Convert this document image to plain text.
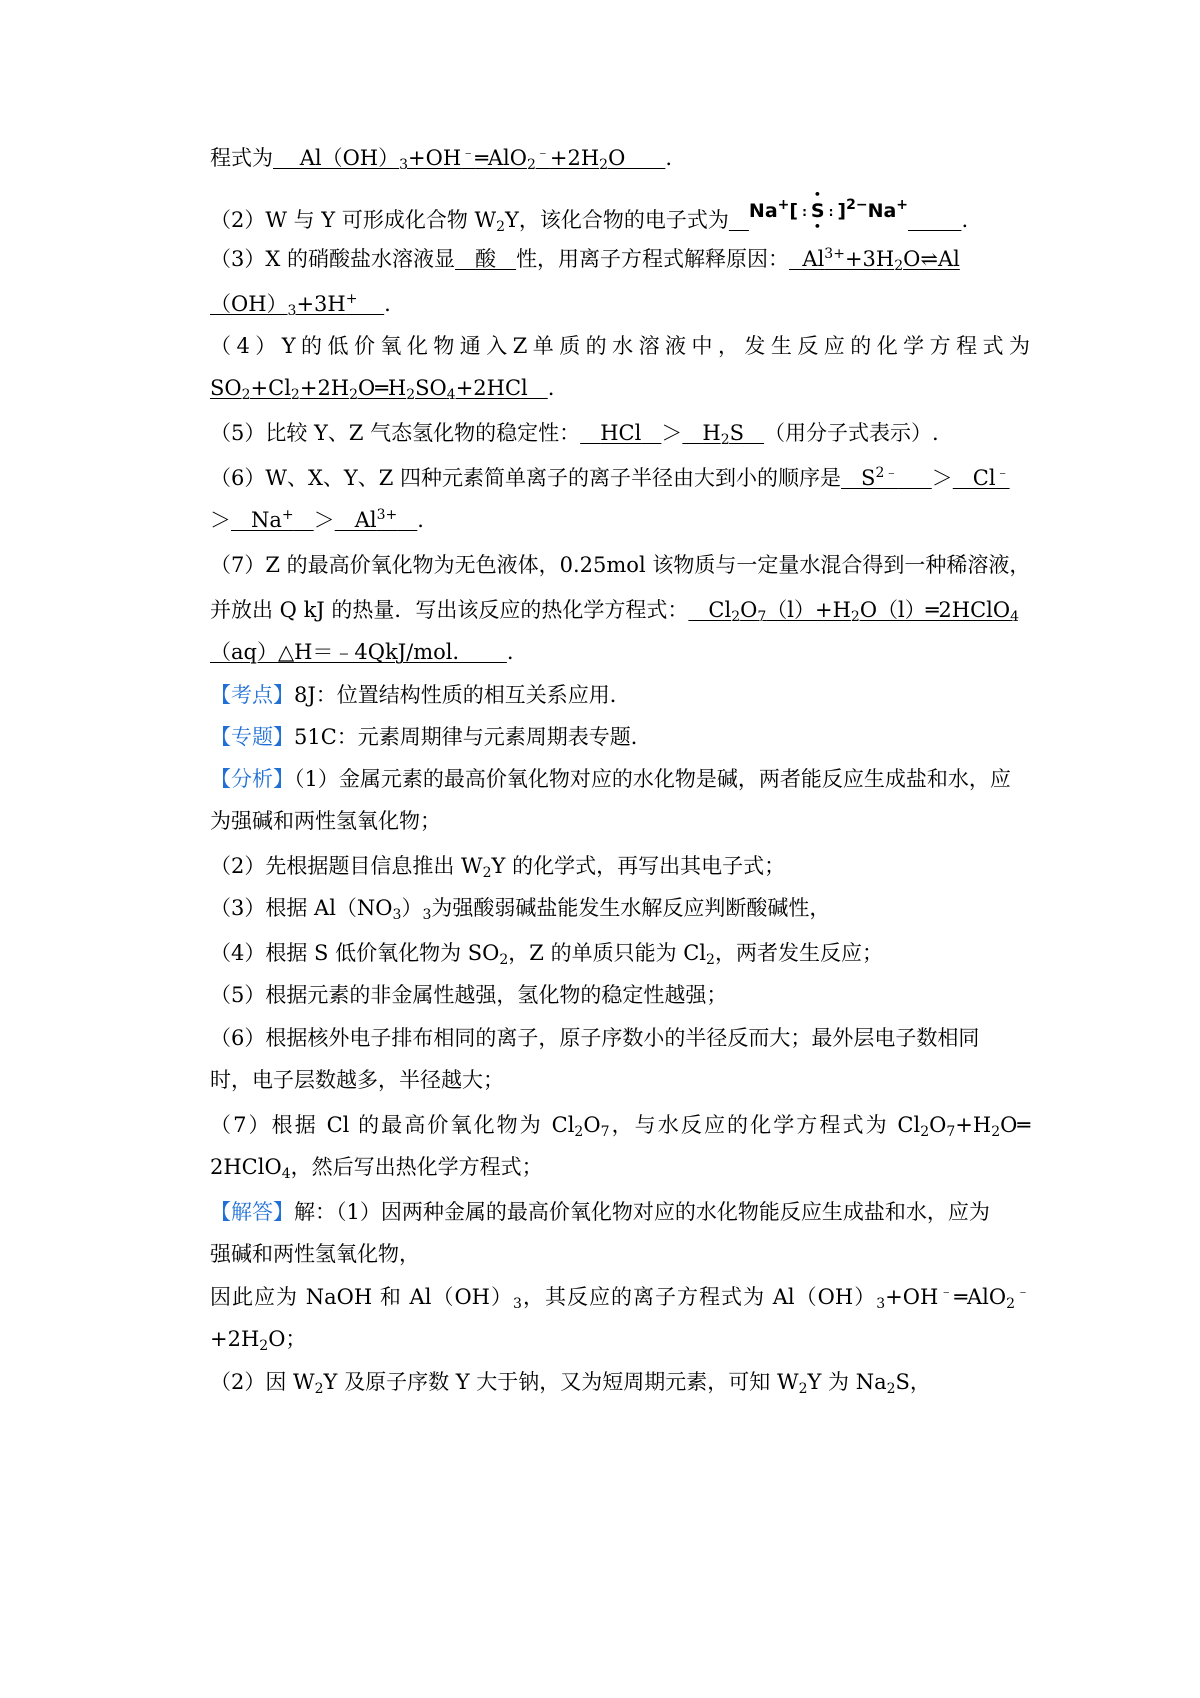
程式为    $Al(OH)_3+OH^﹣═AlO_2^﹣+2H_2O$      .
（2）W 与 Y 可形成化合物 $W_2Y$，该化合物的电子式为 Na+[ :• S • : ]$^{2-}$Na+        .
（3）X 的硝酸盐水溶液显 酸 性，用离子方程式解释原因：  $Al^{3+}+3H_2O\rightleftharpoons Al$
$(OH)_3+3H^+$ .
（4）Y的低价氧化物通入Z单质的水溶液中，发生反应的化学方程式为
$SO_2+Cl_2+2H_2O═H_2SO_4+2HCl$   .
（5）比较 Y、Z 气态氢化物的稳定性： HCl ＞ $H_2S$ （用分子式表示）.
（6）W、X、Y、Z 四种元素简单离子的离子半径由大到小的顺序是   $S^{2﹣} > Cl^﹣$
＞   $Na^+ > Al^{3+}$ .
（7）Z 的最高价氧化物为无色液体，0.25mol 该物质与一定量水混合得到一种稀溶液，
并放出 Q kJ 的热量．写出该反应的热化学方程式：   $Cl_2O_7(l)+H_2O(l)═2HClO_4$
（aq）△H＝﹣4QkJ/mol． .
【考点】8J：位置结构性质的相互关系应用．
【专题】51C：元素周期律与元素周期表专题．
【分析】（1）金属元素的最高价氧化物对应的水化物是碱，两者能反应生成盐和水，应
为强碱和两性氢氧化物；
（2）先根据题目信息推出 $W_2Y$ 的化学式，再写出其电子式；
（3）根据 $Al(NO_3)_3$为强酸弱碱盐能发生水解反应判断酸碱性，
（4）根据 S 低价氧化物为 $SO_2$，Z 的单质只能为 $Cl_2$，两者发生反应；
（5）根据元素的非金属性越强，氢化物的稳定性越强；
（6）根据核外电子排布相同的离子，原子序数小的半径反而大；最外层电子数相同
时，电子层数越多，半径越大；
（7）根据 Cl 的最高价氧化物为 $Cl_2O_7$，与水反应的化学方程式为 $Cl_2O_7+H_2O═$
2HClO$_4$，然后写出热化学方程式；
【解答】解：（1）因两种金属的最高价氧化物对应的水化物能反应生成盐和水，应为
强碱和两性氢氧化物，
因此应为 NaOH 和 $Al(OH)_3$，其反应的离子方程式为 $Al(OH)_3+OH^﹣═AlO_2^﹣$
$+2H_2O$；
（2）因 $W_2Y$ 及原子序数 Y 大于钠，又为短周期元素，可知 $W_2Y$ 为 $Na_2S$，
